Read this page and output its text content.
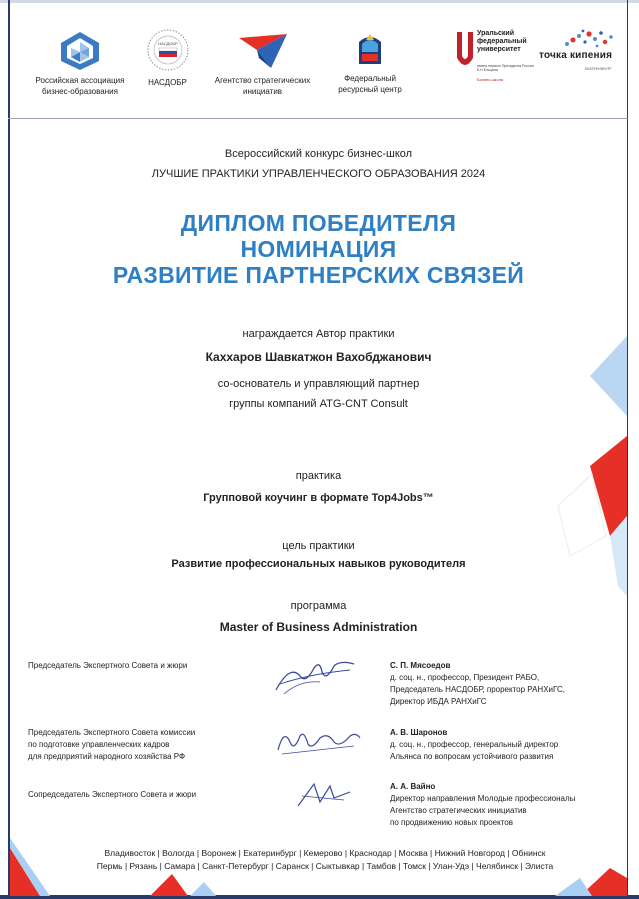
Российская ассоциация бизнес-образования
НАСДОБР
НАСДОБР	Агентство стратегических инициатив
Федеральный ресурсный центр
Уральский федеральный университет
имени первого Президента России Б.Н.Ельцина
Бизнес-школа
точка кипения
ЕКАТЕРИНБУРГ
Всероссийский конкурс бизнес-школ
ЛУЧШИЕ ПРАКТИКИ УПРАВЛЕНЧЕСКОГО ОБРАЗОВАНИЯ 2024
ДИПЛОМ ПОБЕДИТЕЛЯ
НОМИНАЦИЯ
РАЗВИТИЕ ПАРТНЕРСКИХ СВЯЗЕЙ
награждается Автор практики
Каххаров Шавкатжон Вахобджанович
со-основатель и управляющий партнер
группы компаний ATG-CNT Consult
практика
Групповой коучинг в формате Top4Jobs™
цель практики
Развитие профессиональных навыков руководителя
программа
Master of Business Administration
Председатель Экспертного Совета и жюри	С. П. Мясоедов
д. соц. н., профессор, Президент РАБО,
Председатель НАСДОБР, проректор РАНХиГС,
Директор ИБДА РАНХиГС
Председатель Экспертного Совета комиссии
по подготовке управленческих кадров
для предприятий народного хозяйства РФ
А. В. Шаронов
д. соц. н., профессор, генеральный директор
Альянса по вопросам устойчивого развития
Сопредседатель Экспертного Совета и жюри
А. А. Вайно
Директор направления Молодые профессионалы
Агентство стратегических инициатив
по продвижению новых проектов
Владивосток | Вологда | Воронеж | Екатеринбург | Кемерово | Краснодар | Москва | Нижний Новгород | Обнинск
Пермь | Рязань | Самара | Санкт-Петербург | Саранск | Сыктывкар | Тамбов | Томск | Улан-Удэ | Челябинск | Элиста
